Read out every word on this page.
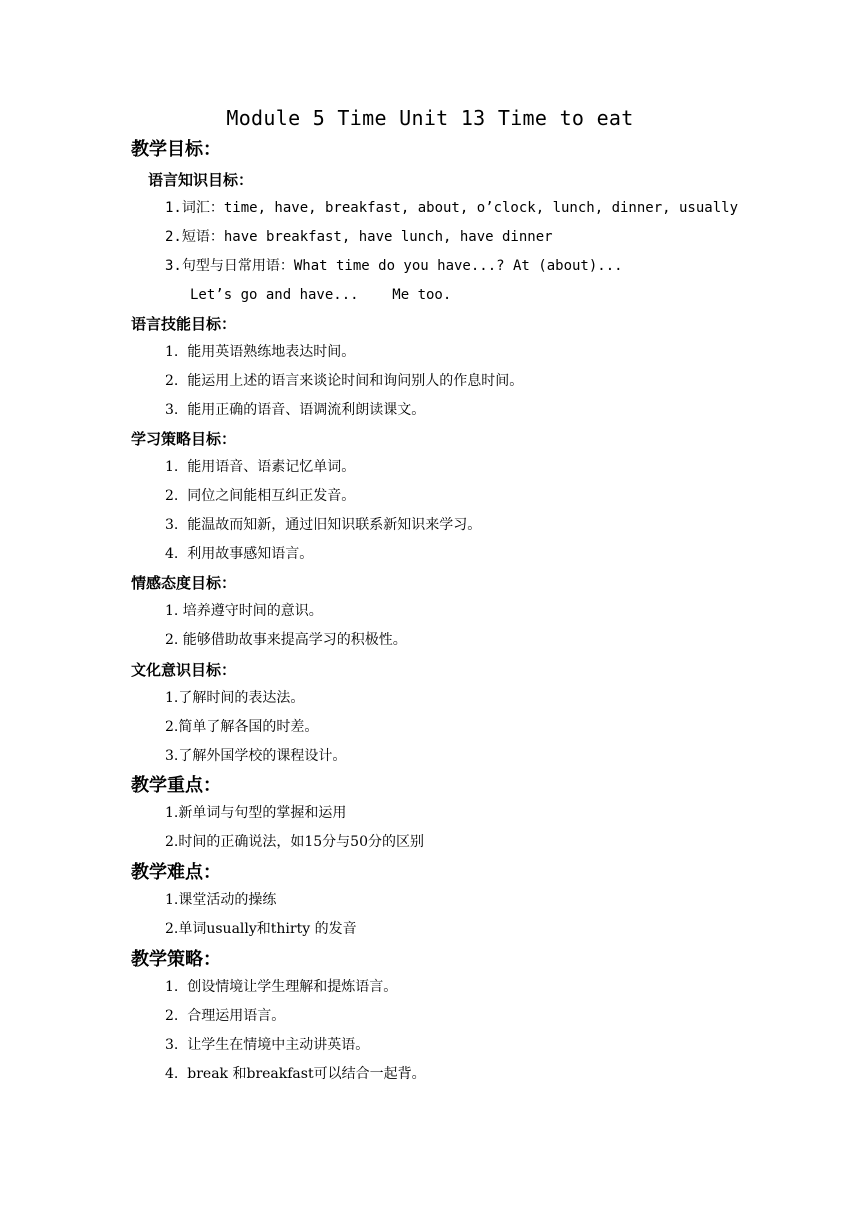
Module 5 Time Unit 13 Time to eat
教学目标：
语言知识目标：
1.词汇：time, have, breakfast, about, o’clock, lunch, dinner, usually
2.短语：have breakfast, have lunch, have dinner
3.句型与日常用语：What time do you have...? At (about)...
Let’s go and have...    Me too.
语言技能目标：
1.  能用英语熟练地表达时间。
2.  能运用上述的语言来谈论时间和询问别人的作息时间。
3.  能用正确的语音、语调流利朗读课文。
学习策略目标：
1.  能用语音、语素记忆单词。
2.  同位之间能相互纠正发音。
3.  能温故而知新，通过旧知识联系新知识来学习。
4.  利用故事感知语言。
情感态度目标：
1. 培养遵守时间的意识。
2. 能够借助故事来提高学习的积极性。
文化意识目标：
1.了解时间的表达法。
2.简单了解各国的时差。
3.了解外国学校的课程设计。
教学重点：
1.新单词与句型的掌握和运用
2.时间的正确说法，如15分与50分的区别
教学难点：
1.课堂活动的操练
2.单词usually和thirty 的发音
教学策略：
1.  创设情境让学生理解和提炼语言。
2.  合理运用语言。
3.  让学生在情境中主动讲英语。
4.  break 和breakfast可以结合一起背。
